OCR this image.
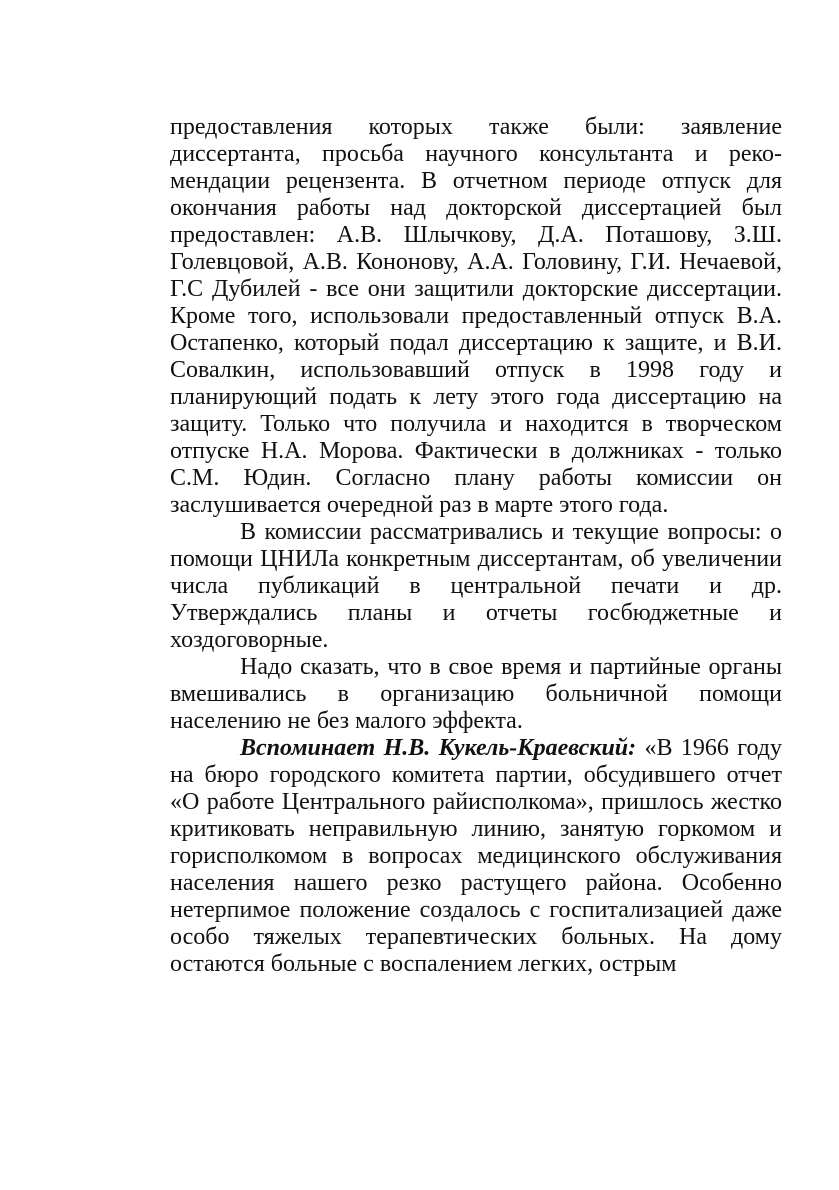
предоставления которых также были: заявление диссертанта, просьба научного консультанта и рекомендации рецензента. В отчетном периоде отпуск для окончания работы над докторской диссертацией был предоставлен: А.В. Шлычкову, Д.А. Поташову, З.Ш. Голевцовой, А.В. Кононову, А.А. Головину, Г.И. Нечаевой, Г.С Дубилей - все они защитили докторские диссертации. Кроме того, использовали предоставленный отпуск В.А. Остапенко, который подал диссертацию к защите, и В.И. Совалкин, использовавший отпуск в 1998 году и планирующий подать к лету этого года диссертацию на защиту. Только что получила и находится в творческом отпуске Н.А. Морова. Фактически в должниках - только С.М. Юдин. Согласно плану работы комиссии он заслушивается очередной раз в марте этого года.

В комиссии рассматривались и текущие вопросы: о помощи ЦНИЛа конкретным диссертантам, об увеличении числа публикаций в центральной печати и др. Утверждались планы и отчеты госбюджетные и хоздоговорные.

Надо сказать, что в свое время и партийные органы вмешивались в организацию больничной помощи населению не без малого эффекта.

Вспоминает Н.В. Кукель-Краевский: «В 1966 году на бюро городского комитета партии, обсудившего отчет «О работе Центрального райисполкома», пришлось жестко критиковать неправильную линию, занятую горкомом и горисполкомом в вопросах медицинского обслуживания населения нашего резко растущего района. Особенно нетерпимое положение создалось с госпитализацией даже особо тяжелых терапевтических больных. На дому остаются больные с воспалением легких, острым
